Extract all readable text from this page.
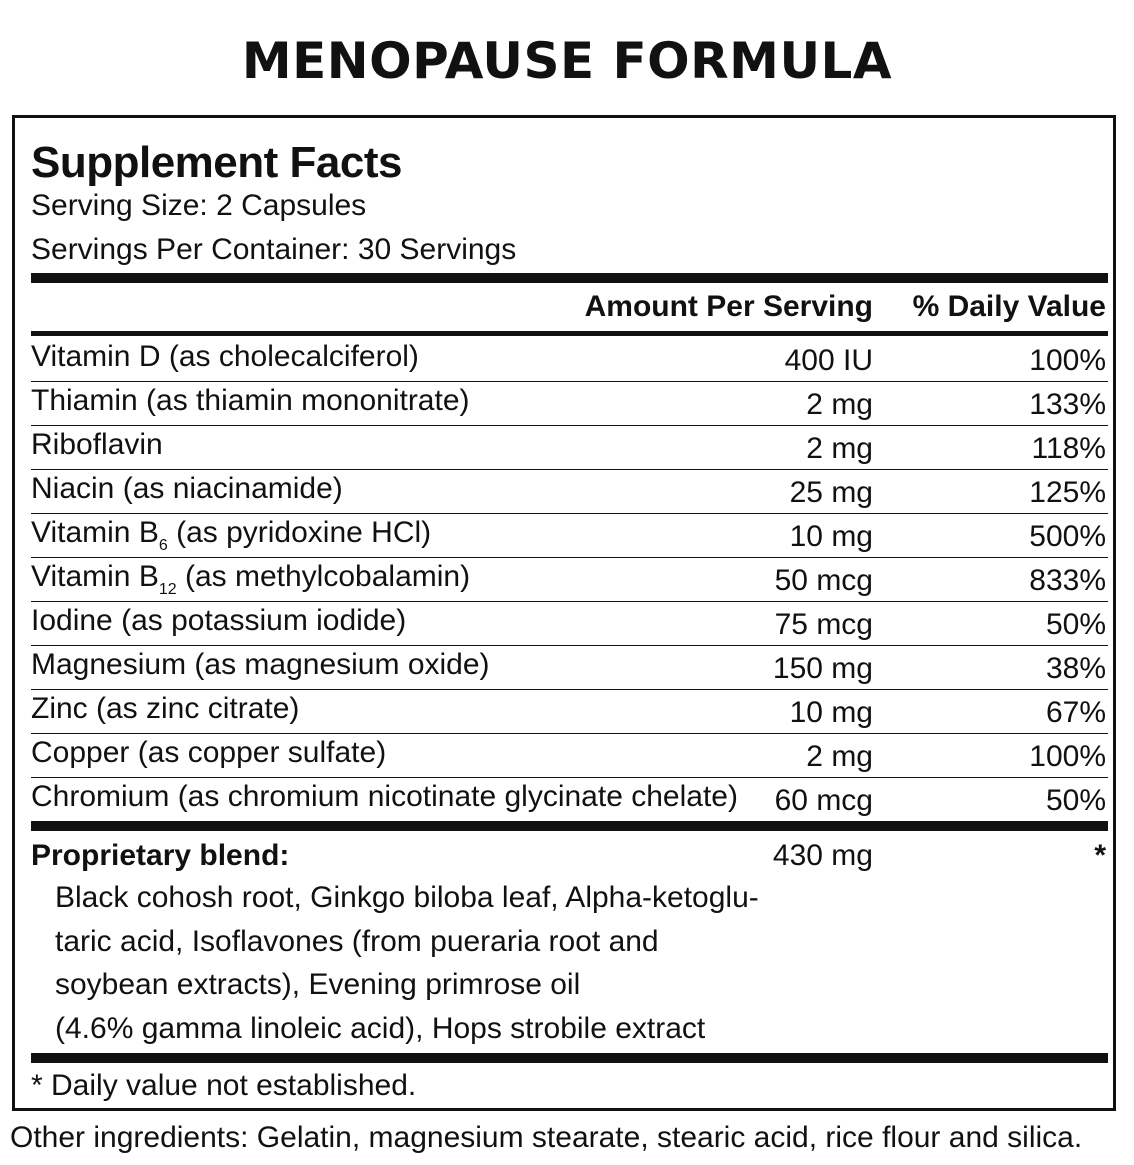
MENOPAUSE FORMULA
Supplement Facts
Serving Size: 2 Capsules
Servings Per Container: 30 Servings
Amount Per Serving % Daily Value
Vitamin D (as cholecalciferol)	400 IU	100%
Thiamin (as thiamin mononitrate)	2 mg	133%
Riboflavin	2 mg	118%
Niacin (as niacinamide)	25 mg	125%
Vitamin $B_6$ (as pyridoxine HCl)	10 mg	500%
Vitamin $B_{12}$ (as methylcobalamin)	50 mcg	833%
Iodine (as potassium iodide)	75 mcg	50%
Magnesium (as magnesium oxide)	150 mg	38%
Zinc (as zinc citrate)	10 mg	67%
Copper (as copper sulfate)	2 mg	100%
Chromium (as chromium nicotinate glycinate chelate)	60 mcg	50%
Proprietary blend:	430 mg	*
Black cohosh root, Ginkgo biloba leaf, Alpha-ketoglu-
taric acid, Isoflavones (from pueraria root and
soybean extracts), Evening primrose oil
(4.6% gamma linoleic acid), Hops strobile extract
* Daily value not established.
Other ingredients: Gelatin, magnesium stearate, stearic acid, rice flour and silica.
